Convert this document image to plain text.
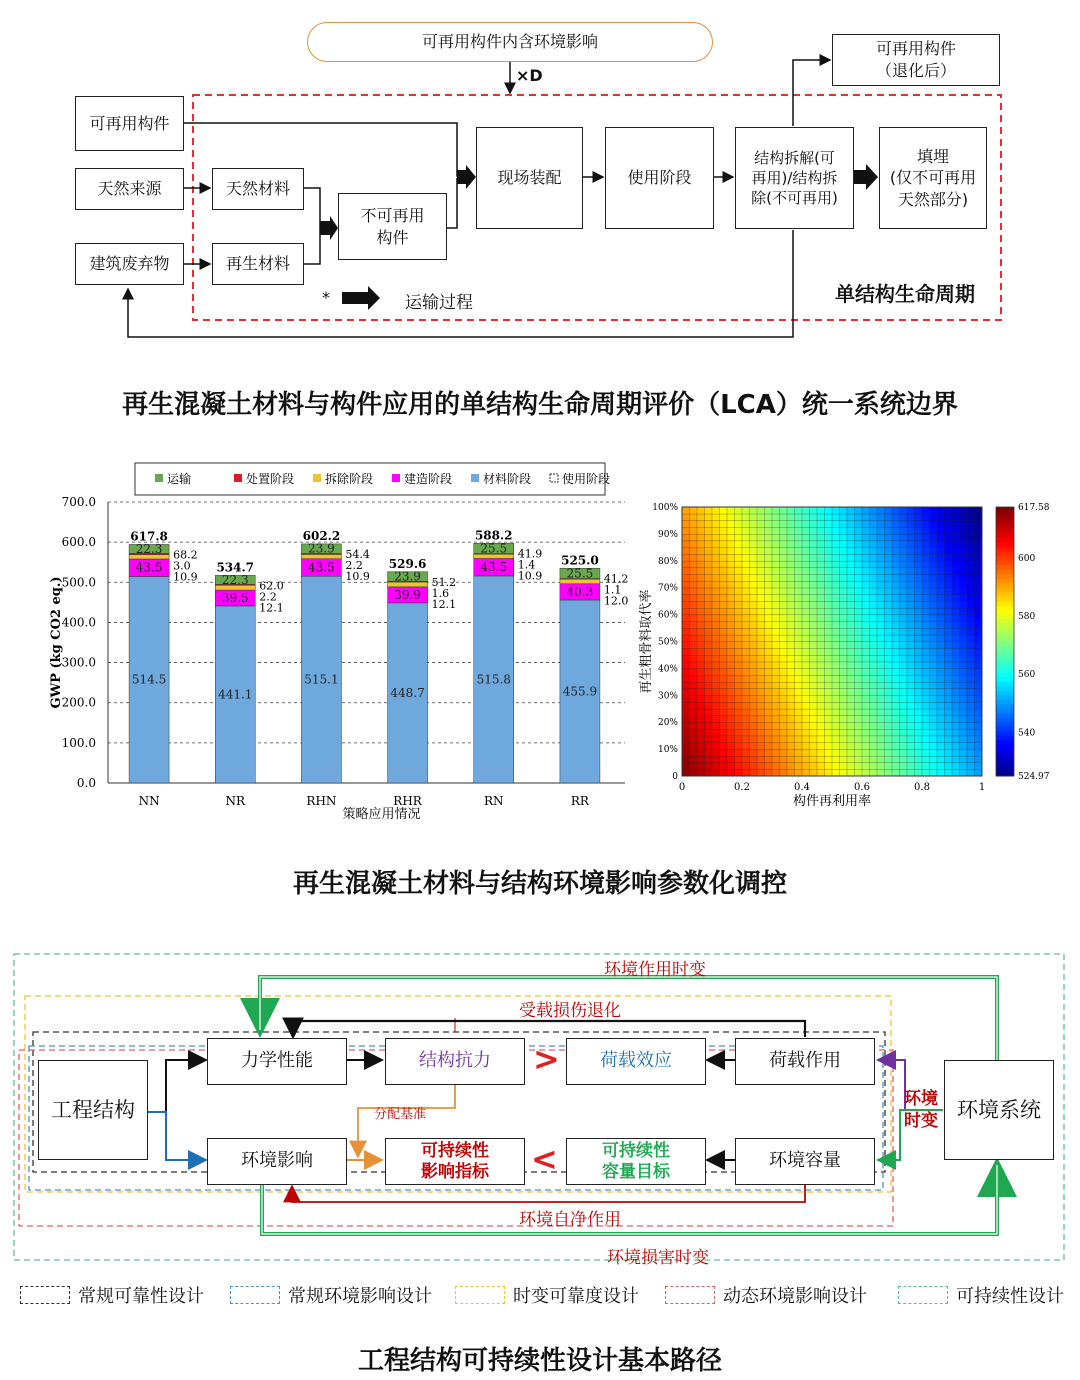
可再用构件内含环境影响
×D
可再用构件
（退化后）
可再用构件
天然来源
建筑废弃物
天然材料
再生材料
不可再用
构件
现场装配	使用阶段
结构拆解(可
再用)/结构拆
除(不可再用)
填埋
(仅不可再用
天然部分)
*	运输过程	单结构生命周期
再生混凝土材料与构件应用的单结构生命周期评价（LCA）统一系统边界
运输	处置阶段	拆除阶段	建造阶段	材料阶段	使用阶段
0.0
100.0
200.0
300.0
400.0
500.0
600.0
700.0
GWP (kg CO2 eq.)
策略应用情况
514.5
43.5
22.3
617.8
68.2
3.0
10.9
NN
441.1
39.5
22.3
534.7
62.0
2.2
12.1
NR
515.1
43.5
23.9
602.2
54.4
2.2
10.9
RHN
448.7
39.9
23.9
529.6
51.2
1.6
12.1
RHR
515.8
43.5
25.5
588.2
41.9
1.4
10.9
RN
455.9
40.3
25.5
525.0
41.2
1.1
12.0
RR
0	0.2	0.4	0.6	0.8	1
0
10%
20%
30%
40%
50%
60%
70%
80%
90%
100%
构件再利用率
再生粗骨料取代率
617.58
600
580
560
540
524.97
再生混凝土材料与结构环境影响参数化调控
环境作用时变
受载损伤退化
工程结构
力学性能	结构抗力	>	荷载效应	荷载作用
环境系统
环境
时变
分配基准
环境影响	可持续性
影响指标	<	可持续性
容量目标
环境容量
环境自净作用
环境损害时变
常规可靠性设计	常规环境影响设计	时变可靠度设计	动态环境影响设计	可持续性设计
工程结构可持续性设计基本路径
